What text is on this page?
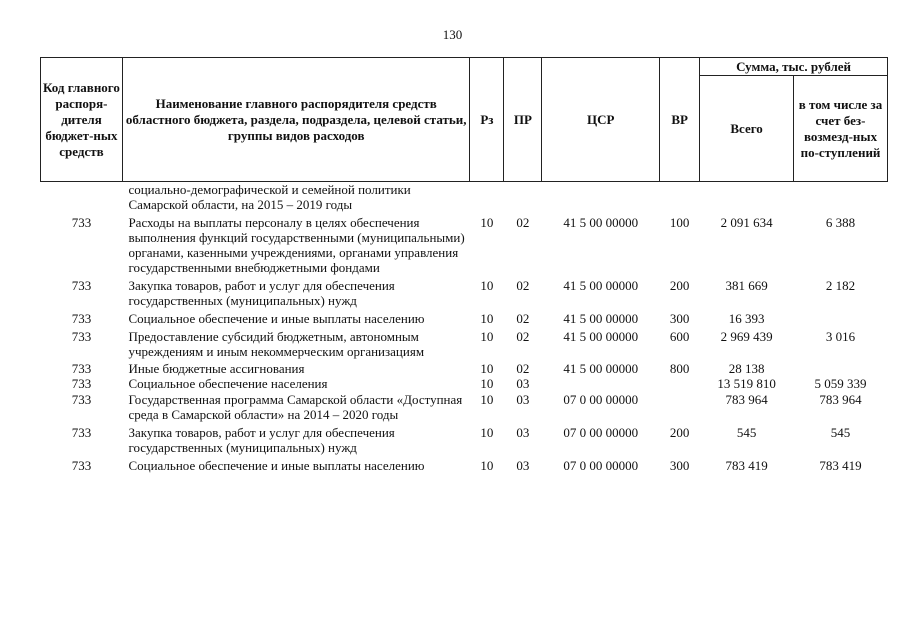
130
Код главного распоря-дителя бюджет-ных средств	Наименование главного распорядителя средств областного бюджета, раздела, подраздела, целевой статьи, группы видов расходов	Рз	ПР	ЦСР	ВР	Сумма, тыс. рублей	
						Всего	в том числе за счет без-возмезд-ных по-ступлений
	социально-демографической и семейной политики Самарской области, на 2015 – 2019 годы						
733	Расходы на выплаты персоналу в целях обеспечения выполнения функций государственными (муниципальными) органами, казенными учреждениями, органами управления государственными внебюджетными фондами	10	02	41 5 00 00000	100	2 091 634	6 388
733	Закупка товаров, работ и услуг для обеспечения государственных (муниципальных) нужд	10	02	41 5 00 00000	200	381 669	2 182
733	Социальное обеспечение и иные выплаты населению	10	02	41 5 00 00000	300	16 393	
733	Предоставление субсидий бюджетным, автономным учреждениям и иным некоммерческим организациям	10	02	41 5 00 00000	600	2 969 439	3 016
733	Иные бюджетные ассигнования	10	02	41 5 00 00000	800	28 138	
733	Социальное обеспечение населения	10	03			13 519 810	5 059 339
733	Государственная программа Самарской области «Доступная среда в Самарской области» на 2014 – 2020 годы	10	03	07 0 00 00000		783 964	783 964
733	Закупка товаров, работ и услуг для обеспечения государственных (муниципальных) нужд	10	03	07 0 00 00000	200	545	545
733	Социальное обеспечение и иные выплаты населению	10	03	07 0 00 00000	300	783 419	783 419
